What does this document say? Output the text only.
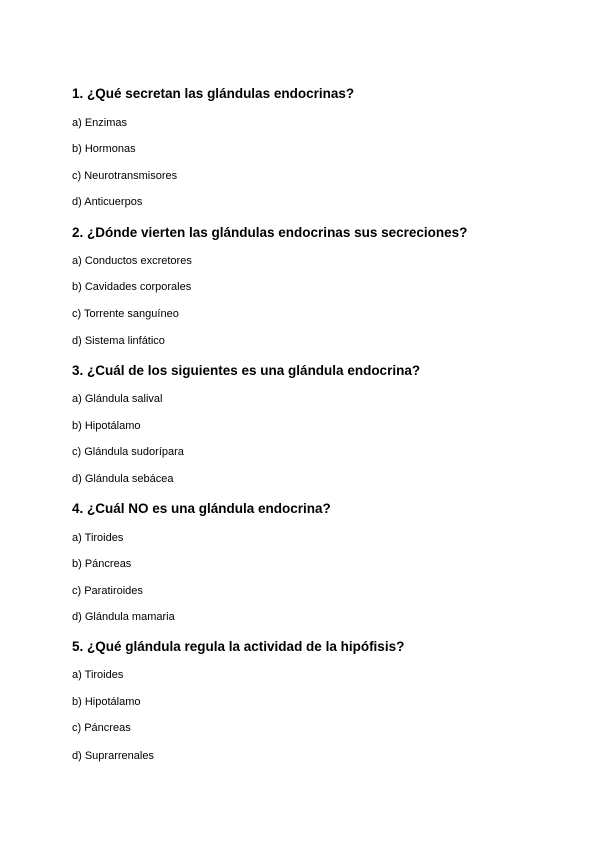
1. ¿Qué secretan las glándulas endocrinas?
a) Enzimas
b) Hormonas
c) Neurotransmisores
d) Anticuerpos
2. ¿Dónde vierten las glándulas endocrinas sus secreciones?
a) Conductos excretores
b) Cavidades corporales
c) Torrente sanguíneo
d) Sistema linfático
3. ¿Cuál de los siguientes es una glándula endocrina?
a) Glándula salival
b) Hipotálamo
c) Glándula sudorípara
d) Glándula sebácea
4. ¿Cuál NO es una glándula endocrina?
a) Tiroides
b) Páncreas
c) Paratiroides
d) Glándula mamaria
5. ¿Qué glándula regula la actividad de la hipófisis?
a) Tiroides
b) Hipotálamo
c) Páncreas
d) Suprarrenales
